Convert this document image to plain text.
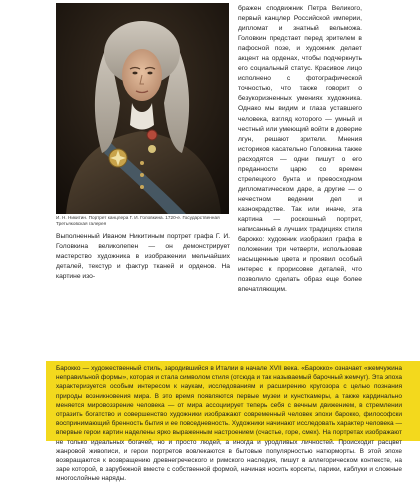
И. Н. Никитин. Портрет канцлера Г. И. Головкина. 1720-е. Государственная Третьяковская галерея

бражен сподвижник Петра Великого, первый канцлер Российской империи, дипломат и знатный вельможа. Головкин предстает перед зрителем в пафосной позе, и художник делает акцент на орденах, чтобы подчеркнуть его социальный статус. Красивое лицо исполнено с фотографической точностью, что также говорит о безукоризненных умениях художника. Однако мы видим и глаза уставшего человека, взгляд которого — умный и честный или умеющий войти в доверие лгун, решают зрители. Мнения историков касательно Головкина также расходятся — одни пишут о его преданности царю со времен стрелецкого бунта и превосходном дипломатическом даре, а другие — о нечестном ведении дел и казнокрадстве. Так или иначе, эта картина — роскошный портрет, написанный в лучших традициях стиля барокко: художник изобразил графа в положении три четверти, использовав насыщенные цвета и проявил особый интерес к прорисовке деталей, что позволило сделать образ еще более впечатляющим.

Выполненный Иваном Никитиным портрет графа Г. И. Головкина великолепен — он демонстрирует мастерство художника в изображении мельчайших деталей, текстур и фактур тканей и орденов. На картине изо-

Барокко — художественный стиль, зародившийся в Италии в начале XVII века. «Барокко» означает «жемчужина неправильной формы», которая и стала символом стиля (отсюда и так называемый барочный жемчуг). Эта эпоха характеризуется особым интересом к наукам, исследованиям и расширению кругозора с целью познания природы возникновения мира. В это время появляются первые музеи и кунсткамеры, а также кардинально меняется мировоззрение человека — от мира ассоциирует теперь себя с вечным движением, в стремлении отразить богатство и совершенство художники изображают современный человек эпохи барокко, философски воспринимающий бренность бытия и ее повседневность. Художники начинают исследовать характер человека — впервые герои картин наделены ярко выраженным настроением (счастье, горе, смех). На портретах изображают не только идеальных богачей, но и просто людей, а иногда и уродливых личностей. Происходит расцвет жанровой живописи, и герои портретов вовлекаются в бытовые популярностью натюрморты. В этой эпохе возвращаются к возвращению древнегреческого и римского наследия, пишут в аллегорическом контексте, на заре которой, в зарубежной вместе с собственной формой, начиная носить корсеты, парики, каблуки и сложные многослойные наряды.
